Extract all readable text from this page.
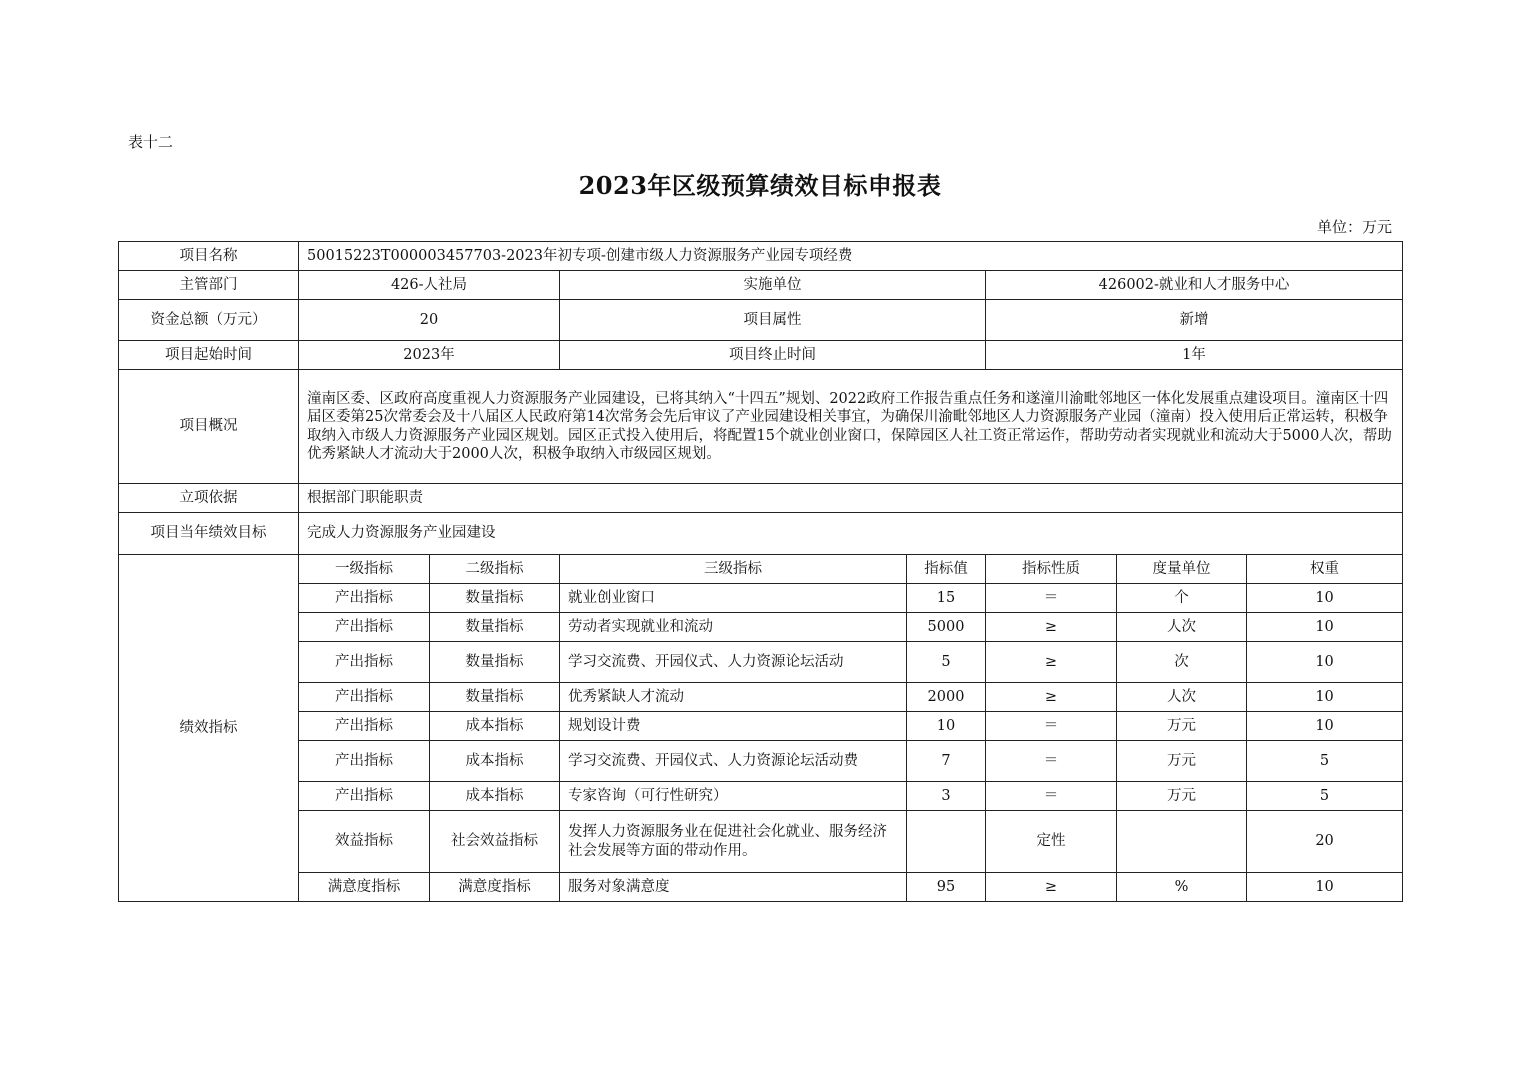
表十二
2023年区级预算绩效目标申报表
单位：万元
项目名称	50015223T000003457703-2023年初专项-创建市级人力资源服务产业园专项经费						
主管部门	426-人社局		实施单位		426002-就业和人才服务中心		
资金总额（万元）	20		项目属性		新增		
项目起始时间	2023年		项目终止时间		1年		
项目概况	潼南区委、区政府高度重视人力资源服务产业园建设，已将其纳入“十四五”规划、2022政府工作报告重点任务和遂潼川渝毗邻地区一体化发展重点建设项目。潼南区十四届区委第25次常委会及十八届区人民政府第14次常务会先后审议了产业园建设相关事宜，为确保川渝毗邻地区人力资源服务产业园（潼南）投入使用后正常运转，积极争取纳入市级人力资源服务产业园区规划。园区正式投入使用后，将配置15个就业创业窗口，保障园区人社工资正常运作，帮助劳动者实现就业和流动大于5000人次，帮助优秀紧缺人才流动大于2000人次，积极争取纳入市级园区规划。						
立项依据	根据部门职能职责						
项目当年绩效目标	完成人力资源服务产业园建设						
绩效指标	一级指标	二级指标	三级指标	指标值	指标性质	度量单位	权重
	产出指标	数量指标	就业创业窗口	15	＝	个	10
	产出指标	数量指标	劳动者实现就业和流动	5000	≥	人次	10
	产出指标	数量指标	学习交流费、开园仪式、人力资源论坛活动	5	≥	次	10
	产出指标	数量指标	优秀紧缺人才流动	2000	≥	人次	10
	产出指标	成本指标	规划设计费	10	＝	万元	10
	产出指标	成本指标	学习交流费、开园仪式、人力资源论坛活动费	7	＝	万元	5
	产出指标	成本指标	专家咨询（可行性研究）	3	＝	万元	5
	效益指标	社会效益指标	发挥人力资源服务业在促进社会化就业、服务经济社会发展等方面的带动作用。		定性		20
	满意度指标	满意度指标	服务对象满意度	95	≥	%	10
